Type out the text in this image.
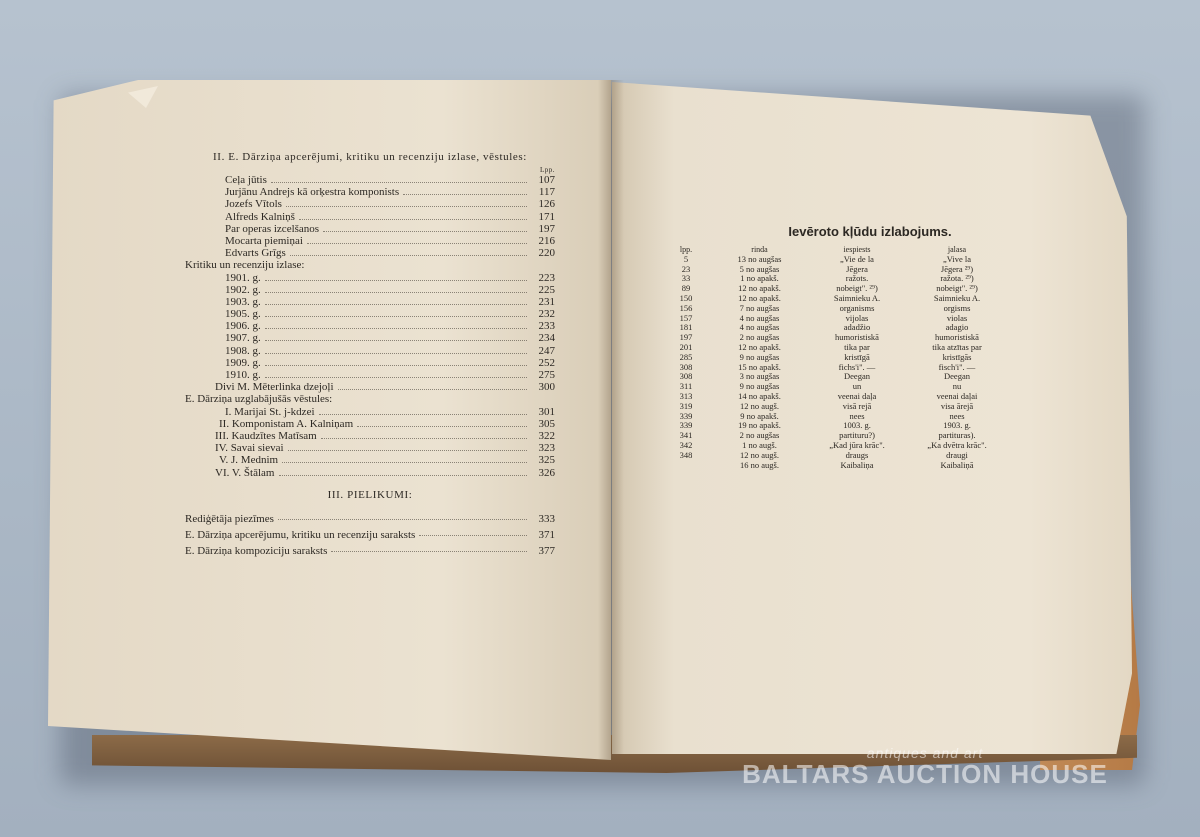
II. E. Dārziņa apcerējumi, kritiku un recenziju izlase, vēstules:
Lpp.
Ceļa jūtis	107
Jurjānu Andrejs kā orķestra komponists	117
Jozefs Vītols	126
Alfreds Kalniņš	171
Par operas izcelšanos	197
Mocarta piemiņai	216
Edvarts Grīgs	220
Kritiku un recenziju izlase:
1901. g.	223
1902. g.	225
1903. g.	231
1905. g.	232
1906. g.	233
1907. g.	234
1908. g.	247
1909. g.	252
1910. g.	275
Divi M. Mēterlinka dzejoļi	300
E. Dārziņa uzglabājušās vēstules:
I. Marijai St. j-kdzei	301
II. Komponistam A. Kalniņam	305
III. Kaudzītes Matīsam	322
IV. Savai sievai	323
V. J. Mednim	325
VI. V. Štālam	326
III. PIELIKUMI:
Rediģētāja piezīmes	333
E. Dārziņa apcerējumu, kritiku un recenziju saraksts	371
E. Dārziņa kompoziciju saraksts	377
Ievēroto kļūdu izlabojums.
lpp.	rinda	iespiests	jalasa
5	13 no augšas	„Vie de la	„Vive la
23	5 no augšas	Jēgera	Jēgera ²⁹)
33	1 no apakš.	ražots.	ražota. ²⁹)
89	12 no apakš.	nobeigt". ²⁹)	nobeigt". ²⁹)
150	12 no apakš.	Saimnieku A.	Saimnieku A.
156	7 no augšas	organisms	orgisms
157	4 no augšas	vijolas	violas
181	4 no augšas	adadžio	adagio
197	2 no augšas	humoristiskā	humoristiskā
201	12 no apakš.	tika par	tika atzītas par
285	9 no augšas	kristīgā	kristīgās
308	15 no apakš.	fichs'i". —	fisch'i". —
308	3 no augšas	Deegan	Deegan
311	9 no augšas	un	nu
313	14 no apakš.	veenai daļa	veenai daļai
319	12 no augš.	visā rejā	visa ārejā
339	9 no apakš.	nees	nees
339	19 no apakš.	1003. g.	1903. g.
341	2 no augšas	partituru?)	partituras).
342	1 no augš.	„Kad jūra krāc".	„Ka dvētra krāc".
348	12 no augš.	draugs	draugi
	16 no augš.	Kaibaliņa	Kaibaliņā
antiques and art
BALTARS AUCTION HOUSE
